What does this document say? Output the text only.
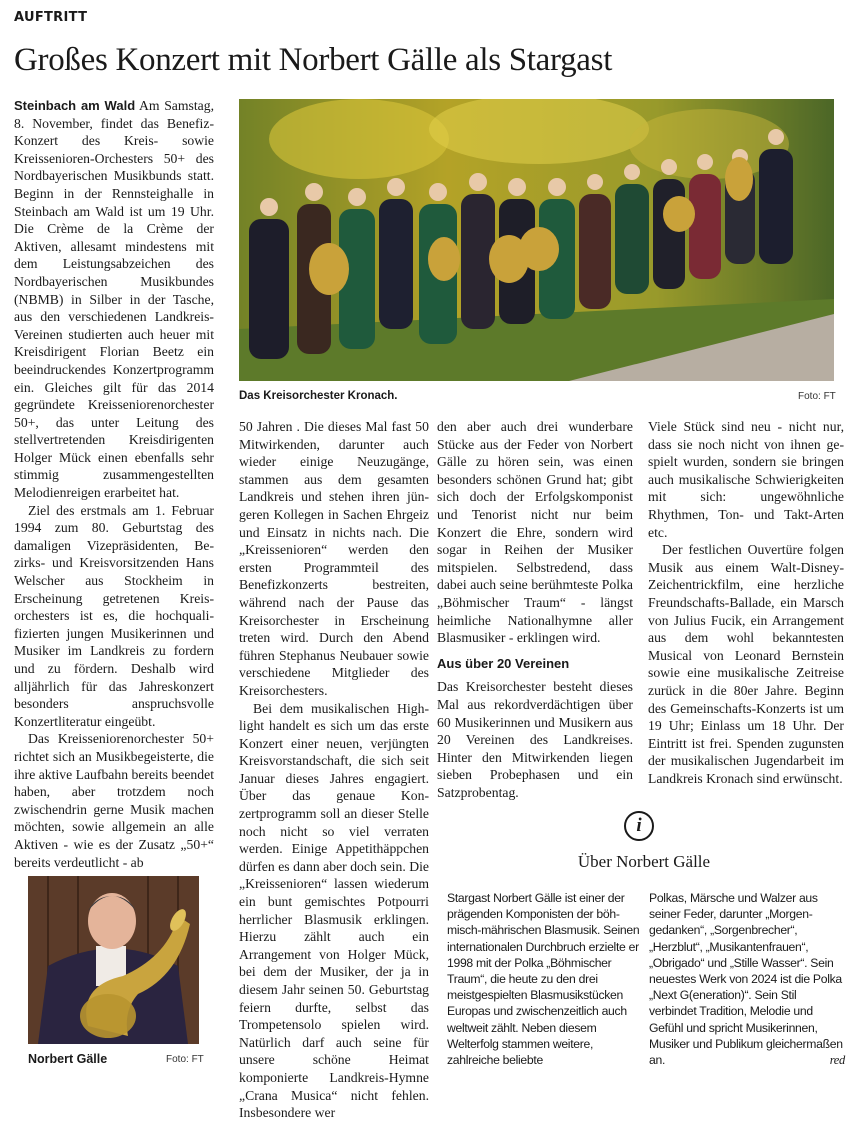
AUFTRITT
Großes Konzert mit Norbert Gälle als Stargast

Steinbach am Wald Am Samstag, 8. November, findet das Benefiz-Konzert des Kreis- sowie Kreissenioren-Orchesters 50+ des Nordbayerischen Musikbunds statt. Beginn in der Rennsteighalle in Steinbach am Wald ist um 19 Uhr. Die Crème de la Crème der Aktiven, allesamt mindestens mit dem Leistungsabzeichen des Nordbayerischen Musikbundes (NBMB) in Silber in der Tasche, aus den verschiedenen Landkreis-Vereinen studierten auch heuer mit Kreisdirigent Florian Beetz ein beeindruckendes Konzertprogramm ein. Gleiches gilt für das 2014 gegründete Kreisseniorenorchester 50+, das unter Leitung des stellvertretenden Kreisdirigenten Holger Mück einen ebenfalls sehr stimmig zusammengestellten Melodienreigen erarbeitet hat.

Ziel des erstmals am 1. Februar 1994 zum 80. Geburtstag des damaligen Vizepräsidenten, Bezirks- und Kreisvorsitzenden Hans Welscher aus Stockheim in Erscheinung getretenen Kreisorchesters ist es, die hochqualifizierten jungen Musikerinnen und Musiker im Landkreis zu fordern und zu fördern. Deshalb wird alljährlich für das Jahreskonzert besonders anspruchsvolle Konzertliteratur eingeübt.

Das Kreisseniorenorchester 50+ richtet sich an Musikbegeisterte, die ihre aktive Laufbahn bereits beendet haben, aber trotzdem noch zwischendrin gerne Musik machen möchten, sowie allgemein an alle Aktiven - wie es der Zusatz „50+“ bereits verdeutlicht - ab

Das Kreisorchester Kronach.	Foto: FT

50 Jahren . Die dieses Mal fast 50 Mitwirkenden, darunter auch wieder einige Neuzugänge, stammen aus dem gesamten Landkreis und stehen ihren jüngeren Kollegen in Sachen Ehrgeiz und Einsatz in nichts nach. Die „Kreissenioren“ werden den ersten Programmteil des Benefizkonzerts bestreiten, während nach der Pause das Kreisorchester in Erscheinung treten wird. Durch den Abend führen Stephanus Neubauer sowie verschiedene Mitglieder des Kreisorchesters.

Bei dem musikalischen Highlight handelt es sich um das erste Konzert einer neuen, verjüngten Kreisvorstandschaft, die sich seit Januar dieses Jahres engagiert. Über das genaue Konzertprogramm soll an dieser Stelle noch nicht so viel verraten werden. Einige Appetithäppchen dürfen es dann aber doch sein. Die „Kreissenioren“ lassen wiederum ein bunt gemischtes Potpourri herrlicher Blasmusik erklingen. Hierzu zählt auch ein Arrangement von Holger Mück, bei dem der Musiker, der ja in diesem Jahr seinen 50. Geburtstag feiern durfte, selbst das Trompetensolo spielen wird. Natürlich darf auch seine für unsere schöne Heimat komponierte Landkreis-Hymne „Crana Musica“ nicht fehlen. Insbesondere wer

den aber auch drei wunderbare Stücke aus der Feder von Norbert Gälle zu hören sein, was einen besonders schönen Grund hat; gibt sich doch der Erfolgskomponist und Tenorist nicht nur beim Konzert die Ehre, sondern wird sogar in Reihen der Musiker mitspielen. Selbstredend, dass dabei auch seine berühmteste Polka „Böhmischer Traum“ - längst heimliche Nationalhymne aller Blasmusiker - erklingen wird.

Aus über 20 Vereinen

Das Kreisorchester besteht dieses Mal aus rekordverdächtigen über 60 Musikerinnen und Musikern aus 20 Vereinen des Landkreises. Hinter den Mitwirkenden liegen sieben Probephasen und ein Satzprobentag.

Viele Stück sind neu - nicht nur, dass sie noch nicht von ihnen gespielt wurden, sondern sie bringen auch musikalische Schwierigkeiten mit sich: ungewöhnliche Rhythmen, Ton- und Takt-Arten etc.

Der festlichen Ouvertüre folgen Musik aus einem Walt-Disney-Zeichentrickfilm, eine herzliche Freundschafts-Ballade, ein Marsch von Julius Fucik, ein Arrangement aus dem wohl bekanntesten Musical von Leonard Bernstein sowie eine musikalische Zeitreise zurück in die 80er Jahre. Beginn des Gemeinschafts-Konzerts ist um 19 Uhr; Einlass um 18 Uhr. Der Eintritt ist frei. Spenden zugunsten der musikalischen Jugendarbeit im Landkreis Kronach sind erwünscht.

Norbert Gälle	Foto: FT
i
Über Norbert Gälle
Stargast Norbert Gälle ist einer der prägenden Komponisten der böhmisch-mährischen Blasmusik. Seinen internationalen Durchbruch erzielte er 1998 mit der Polka „Böhmischer Traum“, die heute zu den drei meistgespielten Blasmusikstücken Europas und zwischenzeitlich auch weltweit zählt. Neben diesem Welterfolg stammen weitere, zahlreiche beliebte
Polkas, Märsche und Walzer aus seiner Feder, darunter „Morgengedanken“, „Sorgenbrecher“, „Herzblut“, „Musikantenfrauen“, „Obrigado“ und „Stille Wasser“. Sein neuestes Werk von 2024 ist die Polka „Next G(eneration)“. Sein Stil verbindet Tradition, Melodie und Gefühl und spricht Musikerinnen, Musiker und Publikum gleichermaßen an.	red
